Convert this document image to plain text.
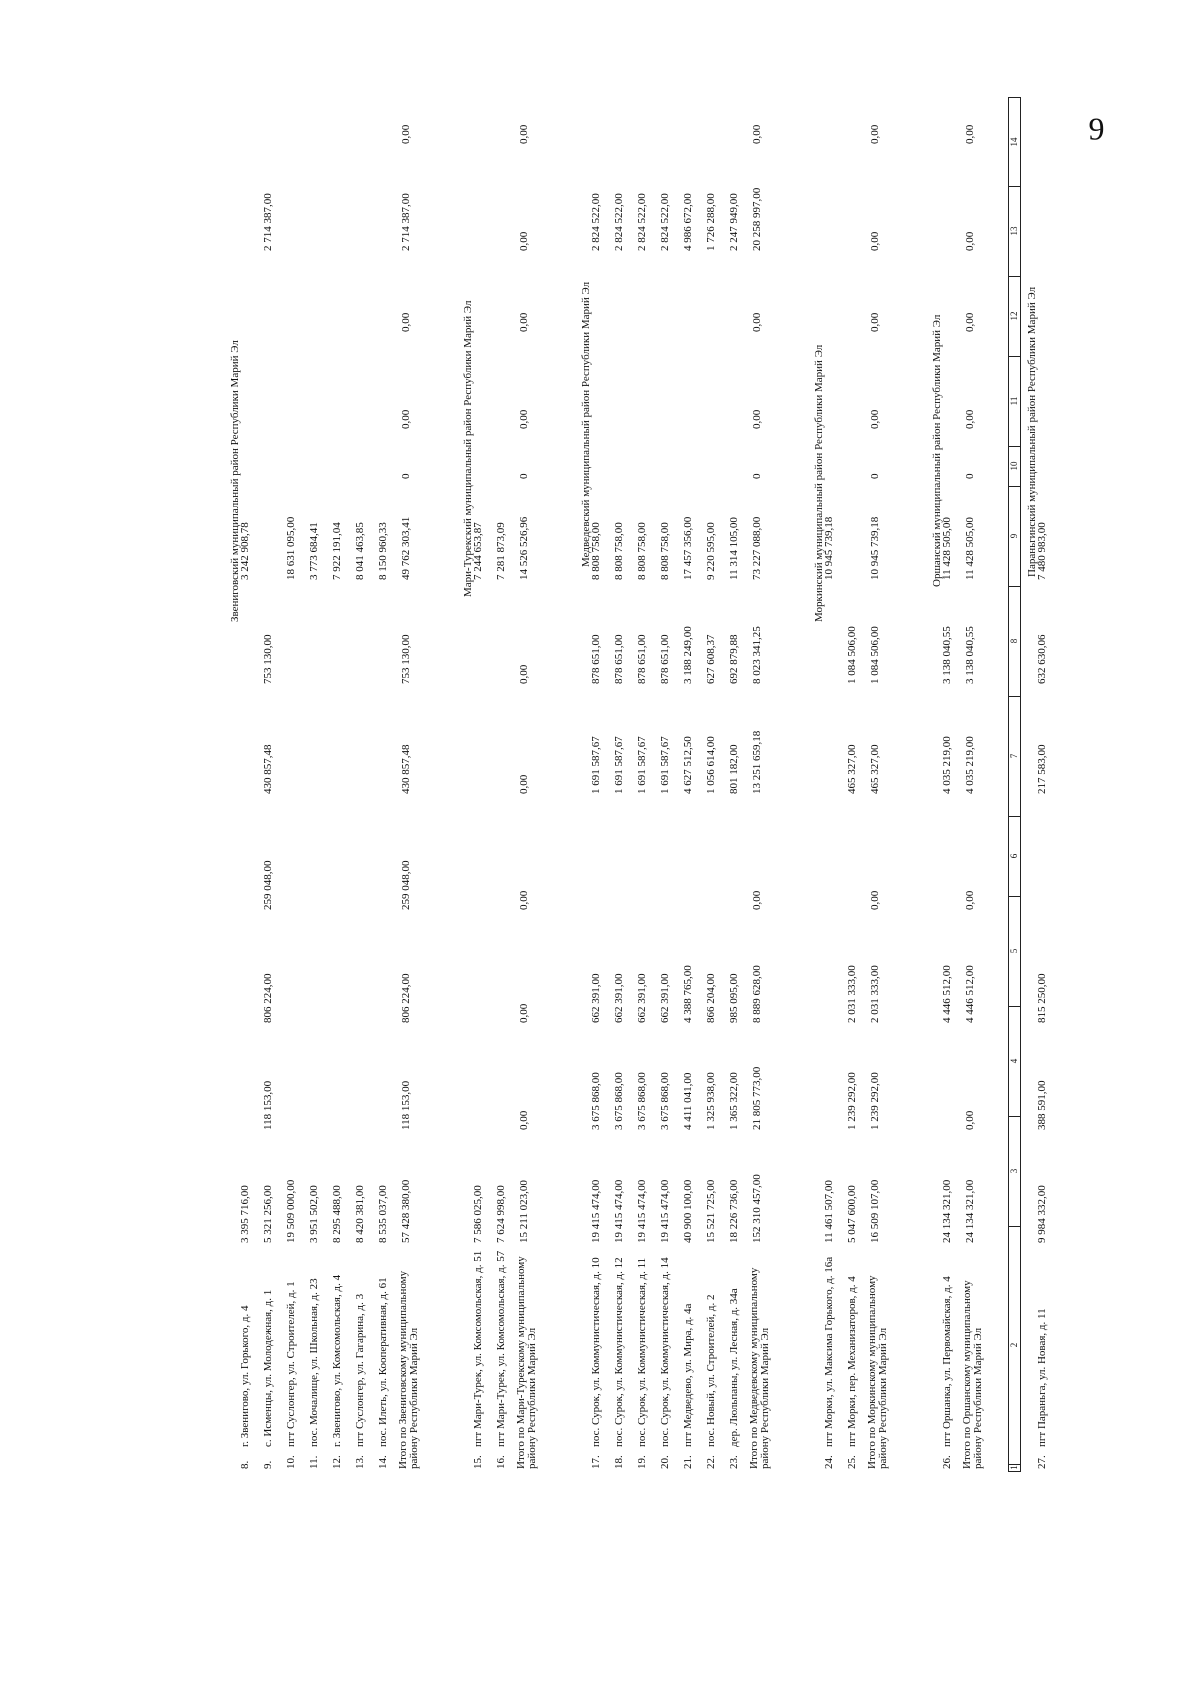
9
1
2
3
4
5
6
7
8
9
10
11
12
13
14
Звениговский муниципальный район Республики Марий Эл
8.
г. Звенигово, ул. Горького, д. 4
3 395 716,00
3 242 908,78
9.
с. Исменцы, ул. Молодежная, д. 1
5 321 256,00
118 153,00
806 224,00
259 048,00
430 857,48
753 130,00
2 714 387,00
10.
пгт Суслонгер, ул. Строителей, д. 1
19 509 000,00
18 631 095,00
11.
пос. Мочалище, ул. Школьная, д. 23
3 951 502,00
3 773 684,41
12.
г. Звенигово, ул. Комсомольская, д. 4
8 295 488,00
7 922 191,04
13.
пгт Суслонгер, ул. Гагарина, д. 3
8 420 381,00
8 041 463,85
14.
пос. Илеть, ул. Кооперативная, д. 61
8 535 037,00
8 150 960,33
Итого по Звениговскому муниципальному району Республики Марий Эл
57 428 380,00
118 153,00
806 224,00
259 048,00
430 857,48
753 130,00
49 762 303,41
0
0,00
0,00
2 714 387,00
0,00
Мари-Турекский муниципальный район Республики Марий Эл
15.
пгт Мари-Турек, ул. Комсомольская, д. 51
7 586 025,00
7 244 653,87
16.
пгт Мари-Турек, ул. Комсомольская, д. 57
7 624 998,00
7 281 873,09
Итого по Мари-Турекскому муниципальному району Республики Марий Эл
15 211 023,00
0,00
0,00
0,00
0,00
0,00
14 526 526,96
0
0,00
0,00
0,00
0,00
Медведевский муниципальный район Республики Марий Эл
17.
пос. Сурок, ул. Коммунистическая, д. 10
19 415 474,00
3 675 868,00
662 391,00
1 691 587,67
878 651,00
8 808 758,00
2 824 522,00
18.
пос. Сурок, ул. Коммунистическая, д. 12
19 415 474,00
3 675 868,00
662 391,00
1 691 587,67
878 651,00
8 808 758,00
2 824 522,00
19.
пос. Сурок, ул. Коммунистическая, д. 11
19 415 474,00
3 675 868,00
662 391,00
1 691 587,67
878 651,00
8 808 758,00
2 824 522,00
20.
пос. Сурок, ул. Коммунистическая, д. 14
19 415 474,00
3 675 868,00
662 391,00
1 691 587,67
878 651,00
8 808 758,00
2 824 522,00
21.
пгт Медведево, ул. Мира, д. 4а
40 900 100,00
4 411 041,00
4 388 765,00
4 627 512,50
3 188 249,00
17 457 356,00
4 986 672,00
22.
пос. Новый, ул. Строителей, д. 2
15 521 725,00
1 325 938,00
866 204,00
1 056 614,00
627 608,37
9 220 595,00
1 726 288,00
23.
дер. Люльпаны, ул. Лесная, д. 34а
18 226 736,00
1 365 322,00
985 095,00
801 182,00
692 879,88
11 314 105,00
2 247 949,00
Итого по Медведевскому муниципальному району Республики Марий Эл
152 310 457,00
21 805 773,00
8 889 628,00
0,00
13 251 659,18
8 023 341,25
73 227 088,00
0
0,00
0,00
20 258 997,00
0,00
Моркинский муниципальный район Республики Марий Эл
24.
пгт Морки, ул. Максима Горького, д. 16а
11 461 507,00
10 945 739,18
25.
пгт Морки, пер. Механизаторов, д. 4
5 047 600,00
1 239 292,00
2 031 333,00
465 327,00
1 084 506,00
Итого по Моркинскому муниципальному району Республики Марий Эл
16 509 107,00
1 239 292,00
2 031 333,00
0,00
465 327,00
1 084 506,00
10 945 739,18
0
0,00
0,00
0,00
0,00
Оршанский муниципальный район Республики Марий Эл
26.
пгт Оршанка, ул. Первомайская, д. 4
24 134 321,00
4 446 512,00
4 035 219,00
3 138 040,55
11 428 505,00
Итого по Оршанскому муниципальному району Республики Марий Эл
24 134 321,00
0,00
4 446 512,00
0,00
4 035 219,00
3 138 040,55
11 428 505,00
0
0,00
0,00
0,00
0,00
Параньгинский муниципальный район Республики Марий Эл
27.
пгт Параньга, ул. Новая, д. 11
9 984 332,00
388 591,00
815 250,00
217 583,00
632 630,06
7 480 983,00
